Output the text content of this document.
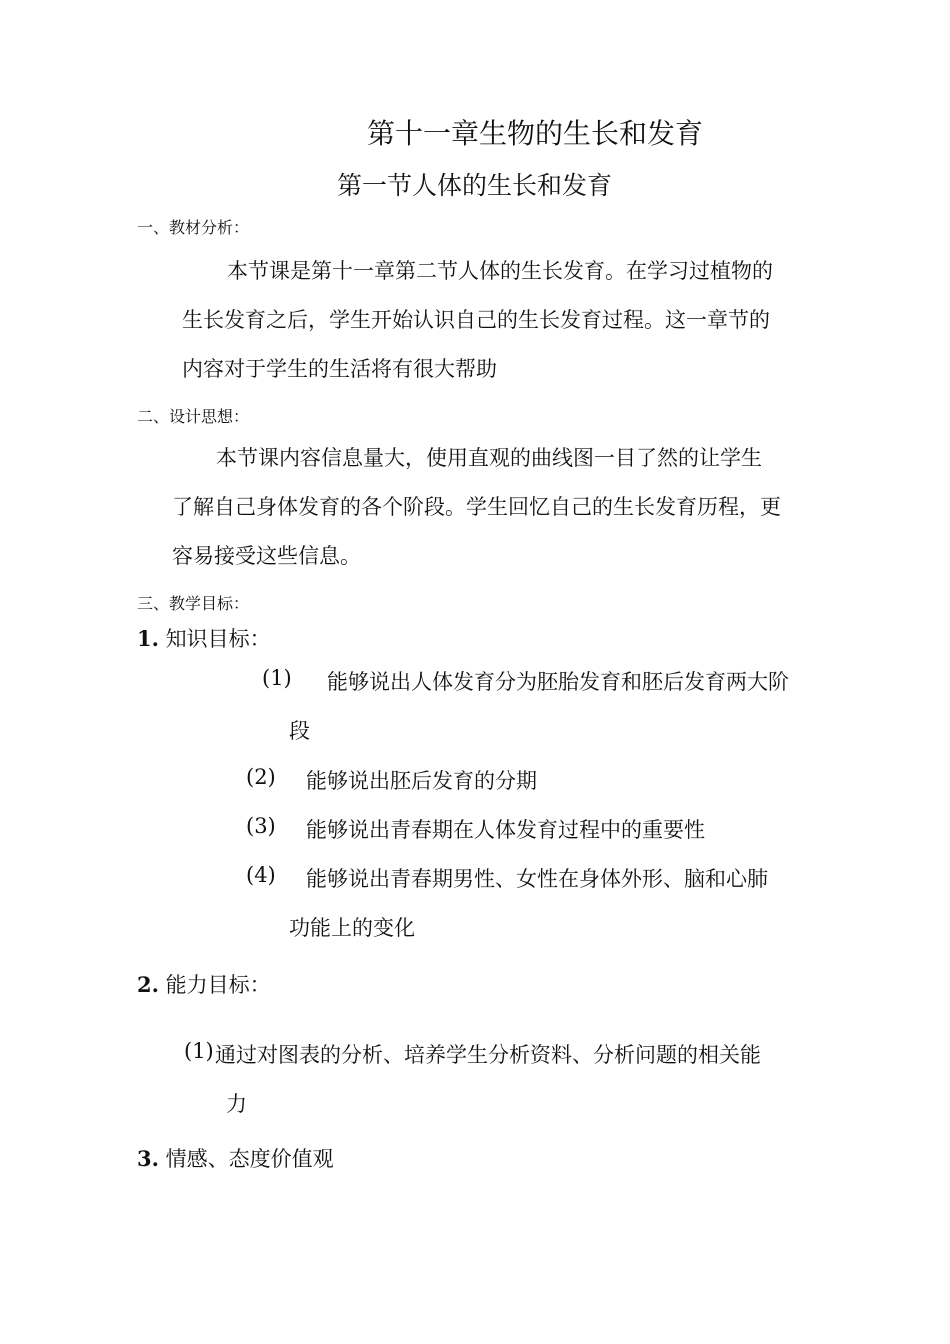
第十一章生物的生长和发育
第一节人体的生长和发育
一、教材分析：
本节课是第十一章第二节人体的生长发育。在学习过植物的
生长发育之后，学生开始认识自己的生长发育过程。这一章节的
内容对于学生的生活将有很大帮助
二、设计思想：
本节课内容信息量大，使用直观的曲线图一目了然的让学生
了解自己身体发育的各个阶段。学生回忆自己的生长发育历程，更
容易接受这些信息。
三、教学目标：
1. 知识目标：
(1) 能够说出人体发育分为胚胎发育和胚后发育两大阶
段
(2) 能够说出胚后发育的分期
(3) 能够说出青春期在人体发育过程中的重要性
(4) 能够说出青春期男性、女性在身体外形、脑和心肺
功能上的变化
2. 能力目标：
(1) 通过对图表的分析、培养学生分析资料、分析问题的相关能
力
3. 情感、态度价值观
